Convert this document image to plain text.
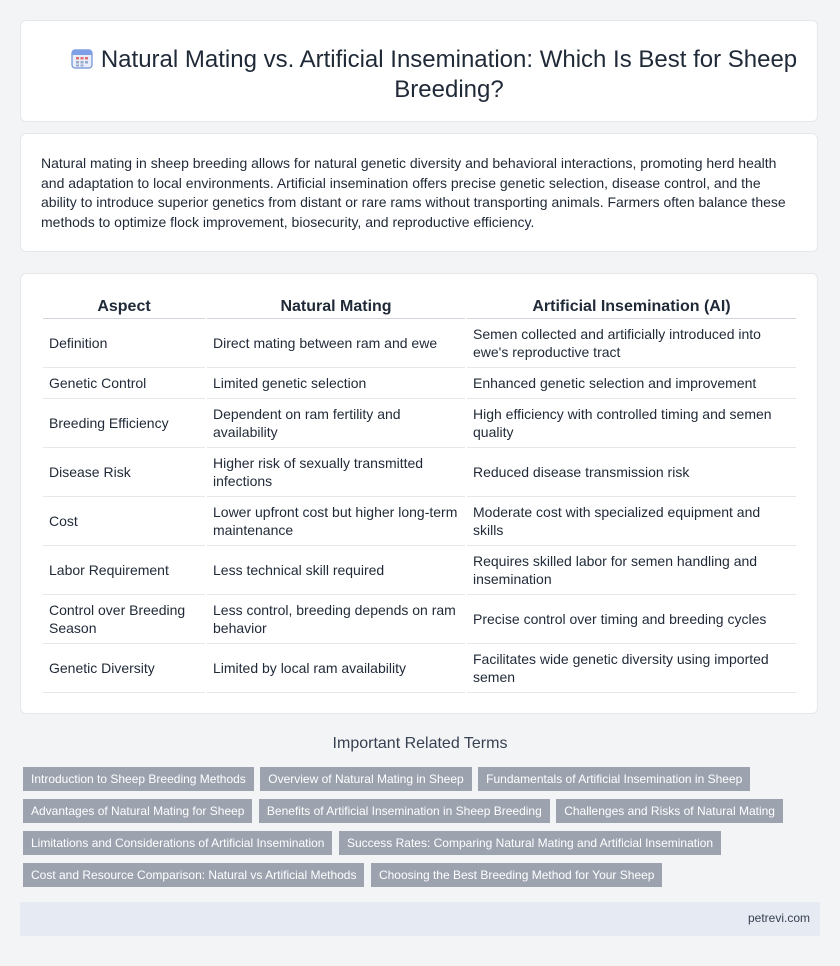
Natural Mating vs. Artificial Insemination: Which Is Best for Sheep Breeding?

Natural mating in sheep breeding allows for natural genetic diversity and behavioral interactions, promoting herd health and adaptation to local environments. Artificial insemination offers precise genetic selection, disease control, and the ability to introduce superior genetics from distant or rare rams without transporting animals. Farmers often balance these methods to optimize flock improvement, biosecurity, and reproductive efficiency.

Aspect	Natural Mating	Artificial Insemination (AI)
Definition	Direct mating between ram and ewe	Semen collected and artificially introduced into ewe's reproductive tract
Genetic Control	Limited genetic selection	Enhanced genetic selection and improvement
Breeding Efficiency	Dependent on ram fertility and availability	High efficiency with controlled timing and semen quality
Disease Risk	Higher risk of sexually transmitted infections	Reduced disease transmission risk
Cost	Lower upfront cost but higher long-term maintenance	Moderate cost with specialized equipment and skills
Labor Requirement	Less technical skill required	Requires skilled labor for semen handling and insemination
Control over Breeding Season	Less control, breeding depends on ram behavior	Precise control over timing and breeding cycles
Genetic Diversity	Limited by local ram availability	Facilitates wide genetic diversity using imported semen
Important Related Terms
Introduction to Sheep Breeding Methods Overview of Natural Mating in Sheep Fundamentals of Artificial Insemination in Sheep Advantages of Natural Mating for Sheep Benefits of Artificial Insemination in Sheep Breeding Challenges and Risks of Natural Mating Limitations and Considerations of Artificial Insemination Success Rates: Comparing Natural Mating and Artificial Insemination Cost and Resource Comparison: Natural vs Artificial Methods Choosing the Best Breeding Method for Your Sheep
petrevi.com
